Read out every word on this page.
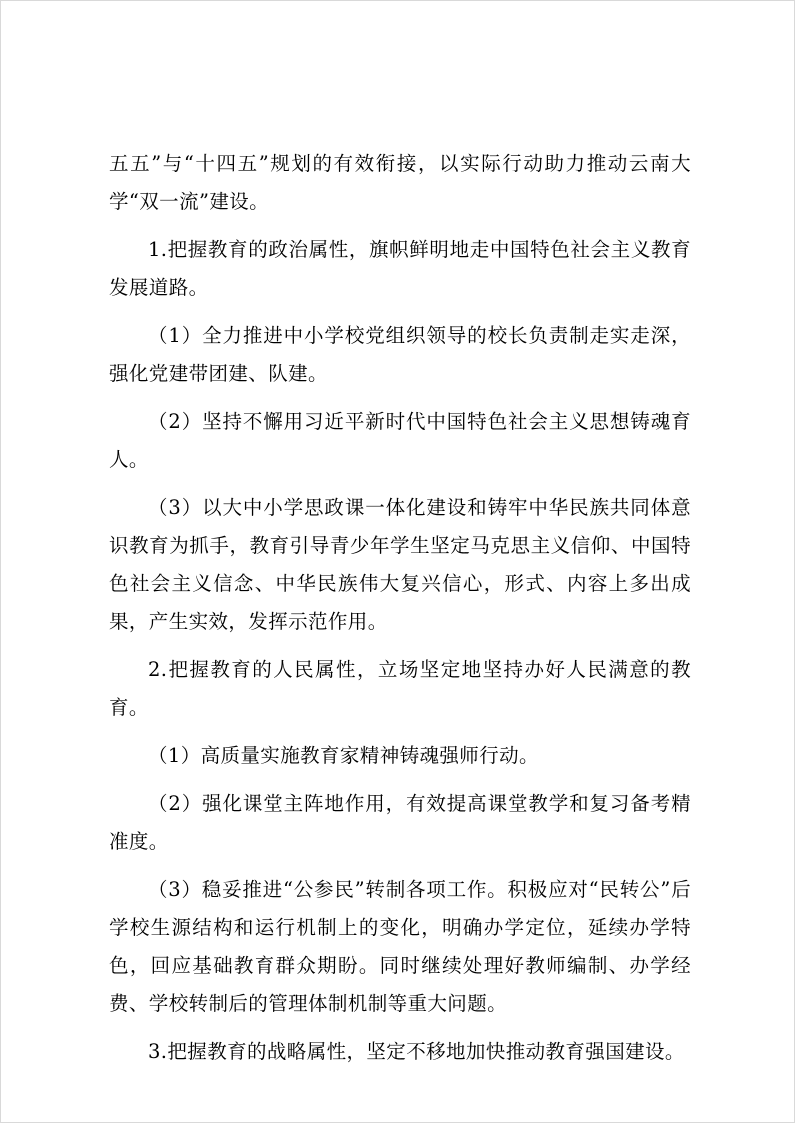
五五”与“十四五”规划的有效衔接，以实际行动助力推动云南大学“双一流”建设。

1.把握教育的政治属性，旗帜鲜明地走中国特色社会主义教育发展道路。

（1）全力推进中小学校党组织领导的校长负责制走实走深，强化党建带团建、队建。

（2）坚持不懈用习近平新时代中国特色社会主义思想铸魂育人。

（3）以大中小学思政课一体化建设和铸牢中华民族共同体意识教育为抓手，教育引导青少年学生坚定马克思主义信仰、中国特色社会主义信念、中华民族伟大复兴信心，形式、内容上多出成果，产生实效，发挥示范作用。

2.把握教育的人民属性，立场坚定地坚持办好人民满意的教育。

（1）高质量实施教育家精神铸魂强师行动。

（2）强化课堂主阵地作用，有效提高课堂教学和复习备考精准度。

（3）稳妥推进“公参民”转制各项工作。积极应对“民转公”后学校生源结构和运行机制上的变化，明确办学定位，延续办学特色，回应基础教育群众期盼。同时继续处理好教师编制、办学经费、学校转制后的管理体制机制等重大问题。

3.把握教育的战略属性，坚定不移地加快推动教育强国建设。
